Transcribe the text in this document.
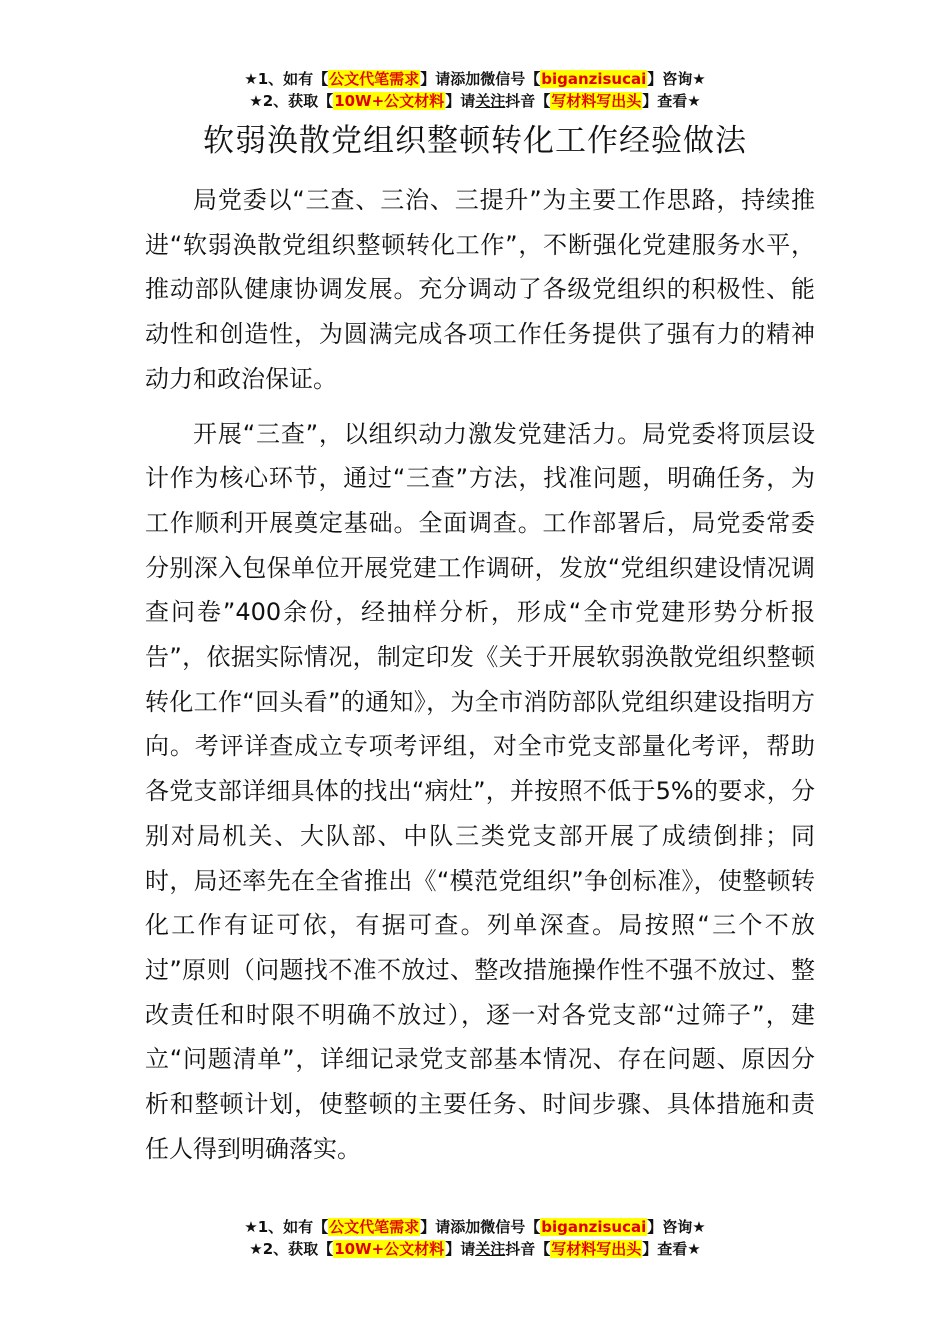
★1、如有【公文代笔需求】请添加微信号【biganzisucai】咨询★
★2、获取【10W+公文材料】请关注抖音【写材料写出头】查看★
软弱涣散党组织整顿转化工作经验做法

局党委以“三查、三治、三提升”为主要工作思路，持续推进“软弱涣散党组织整顿转化工作”，不断强化党建服务水平，推动部队健康协调发展。充分调动了各级党组织的积极性、能动性和创造性，为圆满完成各项工作任务提供了强有力的精神动力和政治保证。

开展“三查”，以组织动力激发党建活力。局党委将顶层设计作为核心环节，通过“三查”方法，找准问题，明确任务，为工作顺利开展奠定基础。全面调查。工作部署后，局党委常委分别深入包保单位开展党建工作调研，发放“党组织建设情况调查问卷”400余份，经抽样分析，形成“全市党建形势分析报告”，依据实际情况，制定印发《关于开展软弱涣散党组织整顿转化工作“回头看”的通知》，为全市消防部队党组织建设指明方向。考评详查成立专项考评组，对全市党支部量化考评，帮助各党支部详细具体的找出“病灶”，并按照不低于5%的要求，分别对局机关、大队部、中队三类党支部开展了成绩倒排；同时，局还率先在全省推出《“模范党组织”争创标准》，使整顿转化工作有证可依，有据可查。列单深查。局按照“三个不放过”原则（问题找不准不放过、整改措施操作性不强不放过、整改责任和时限不明确不放过），逐一对各党支部“过筛子”，建立“问题清单”，详细记录党支部基本情况、存在问题、原因分析和整顿计划，使整顿的主要任务、时间步骤、具体措施和责任人得到明确落实。

★1、如有【公文代笔需求】请添加微信号【biganzisucai】咨询★
★2、获取【10W+公文材料】请关注抖音【写材料写出头】查看★
